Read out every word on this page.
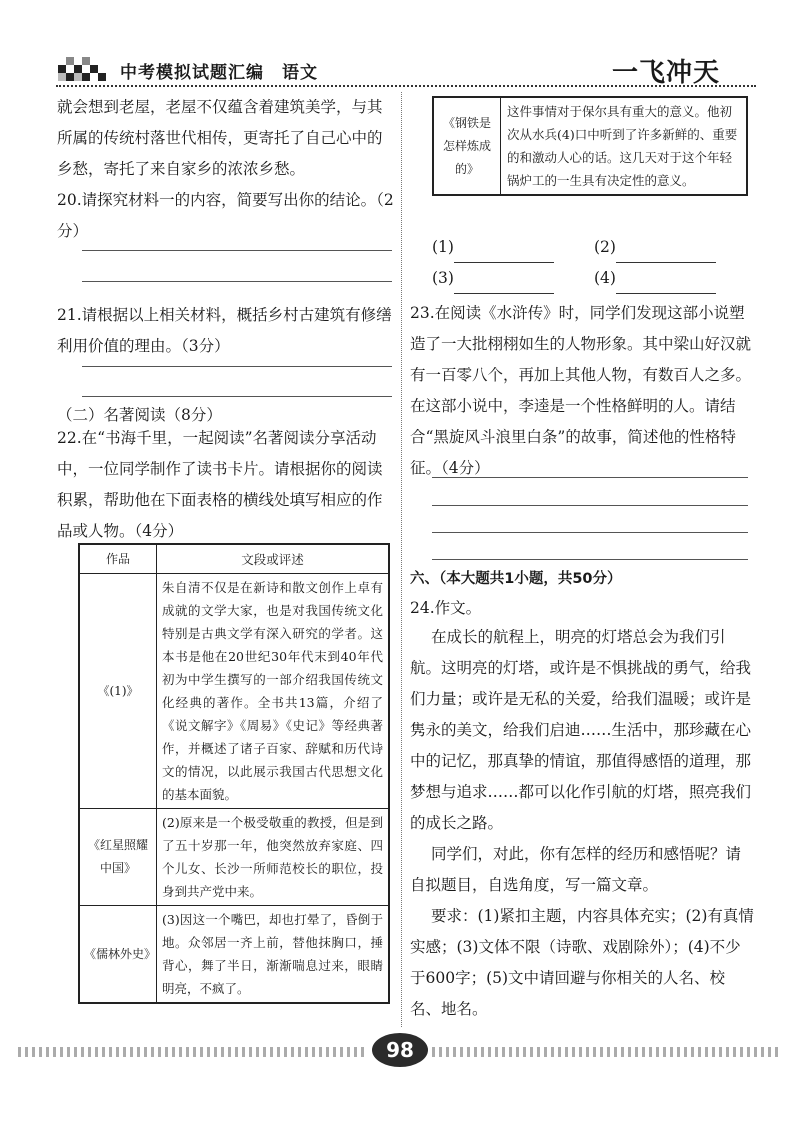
中考模拟试题汇编　语文	一飞冲天

就会想到老屋，老屋不仅蕴含着建筑美学，与其所属的传统村落世代相传，更寄托了自己心中的乡愁，寄托了来自家乡的浓浓乡愁。

20.请探究材料一的内容，简要写出你的结论。（2分）

21.请根据以上相关材料，概括乡村古建筑有修缮利用价值的理由。（3分）

（二）名著阅读（8分）

22.在“书海千里，一起阅读”名著阅读分享活动中，一位同学制作了读书卡片。请根据你的阅读积累，帮助他在下面表格的横线处填写相应的作品或人物。（4分）

作品	文段或评述
《(1)》	朱自清不仅是在新诗和散文创作上卓有成就的文学大家，也是对我国传统文化特别是古典文学有深入研究的学者。这本书是他在20世纪30年代末到40年代初为中学生撰写的一部介绍我国传统文化经典的著作。全书共13篇，介绍了《说文解字》《周易》《史记》等经典著作，并概述了诸子百家、辞赋和历代诗文的情况，以此展示我国古代思想文化的基本面貌。
《红星照耀中国》	(2)原来是一个极受敬重的教授，但是到了五十岁那一年，他突然放弃家庭、四个儿女、长沙一所师范校长的职位，投身到共产党中来。
《儒林外史》	(3)因这一个嘴巴，却也打晕了，昏倒于地。众邻居一齐上前，替他抹胸口，捶背心，舞了半日，渐渐喘息过来，眼睛明亮，不疯了。
《钢铁是怎样炼成的》	这件事情对于保尔具有重大的意义。他初次从水兵(4)口中听到了许多新鲜的、重要的和激动人心的话。这几天对于这个年轻锅炉工的一生具有决定性的意义。
(1)	(2)
(3)	(4)

23.在阅读《水浒传》时，同学们发现这部小说塑造了一大批栩栩如生的人物形象。其中梁山好汉就有一百零八个，再加上其他人物，有数百人之多。在这部小说中，李逵是一个性格鲜明的人。请结合“黑旋风斗浪里白条”的故事，简述他的性格特征。（4分）

六、（本大题共1小题，共50分）

24.作文。

在成长的航程上，明亮的灯塔总会为我们引航。这明亮的灯塔，或许是不惧挑战的勇气，给我们力量；或许是无私的关爱，给我们温暖；或许是隽永的美文，给我们启迪……生活中，那珍藏在心中的记忆，那真挚的情谊，那值得感悟的道理，那梦想与追求……都可以化作引航的灯塔，照亮我们的成长之路。

同学们，对此，你有怎样的经历和感悟呢？请自拟题目，自选角度，写一篇文章。

要求：(1)紧扣主题，内容具体充实；(2)有真情实感；(3)文体不限（诗歌、戏剧除外）；(4)不少于600字；(5)文中请回避与你相关的人名、校名、地名。

98
